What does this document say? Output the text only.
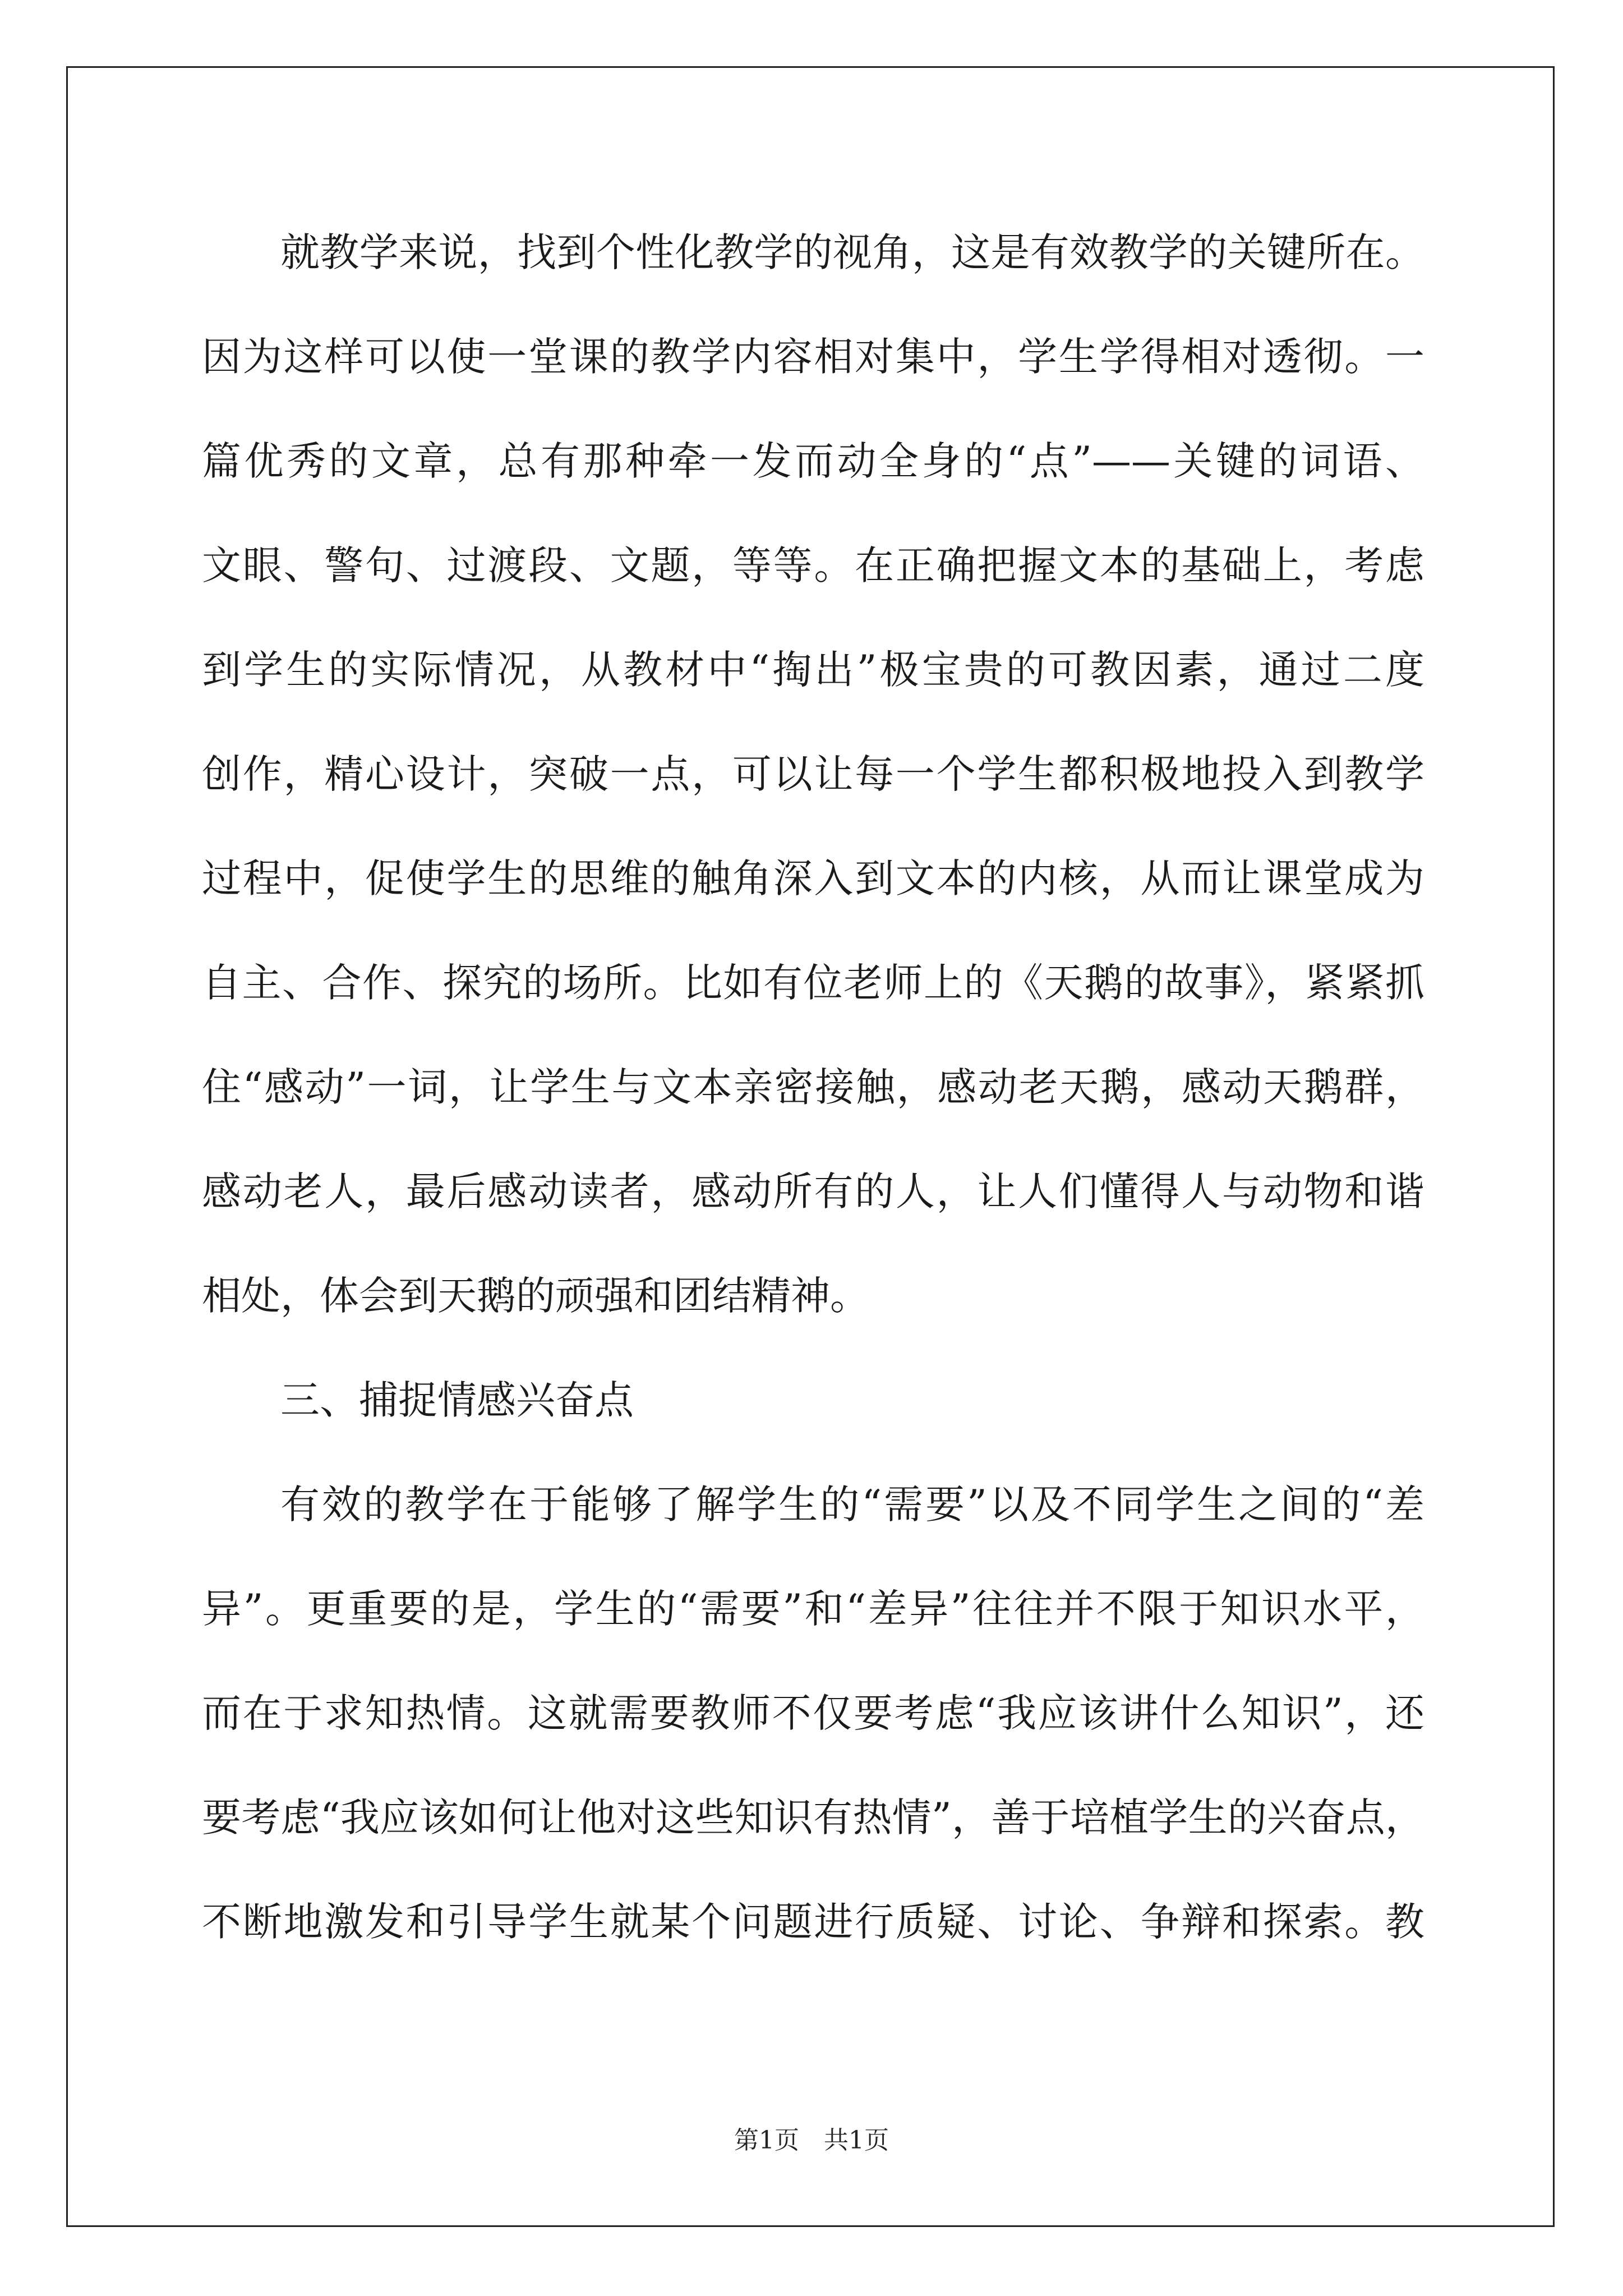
就教学来说，找到个性化教学的视角，这是有效教学的关键所在。
因为这样可以使一堂课的教学内容相对集中，学生学得相对透彻。一
篇优秀的文章，总有那种牵一发而动全身的“点”——关键的词语、
文眼、警句、过渡段、文题，等等。在正确把握文本的基础上，考虑
到学生的实际情况，从教材中“掏出”极宝贵的可教因素，通过二度
创作，精心设计，突破一点，可以让每一个学生都积极地投入到教学
过程中，促使学生的思维的触角深入到文本的内核，从而让课堂成为
自主、合作、探究的场所。比如有位老师上的《天鹅的故事》，紧紧抓
住“感动”一词，让学生与文本亲密接触，感动老天鹅，感动天鹅群，
感动老人，最后感动读者，感动所有的人，让人们懂得人与动物和谐
相处，体会到天鹅的顽强和团结精神。
三、捕捉情感兴奋点
有效的教学在于能够了解学生的“需要”以及不同学生之间的“差
异”。更重要的是，学生的“需要”和“差异”往往并不限于知识水平，
而在于求知热情。这就需要教师不仅要考虑“我应该讲什么知识”，还
要考虑“我应该如何让他对这些知识有热情”，善于培植学生的兴奋点，
不断地激发和引导学生就某个问题进行质疑、讨论、争辩和探索。教
第1页　共1页
